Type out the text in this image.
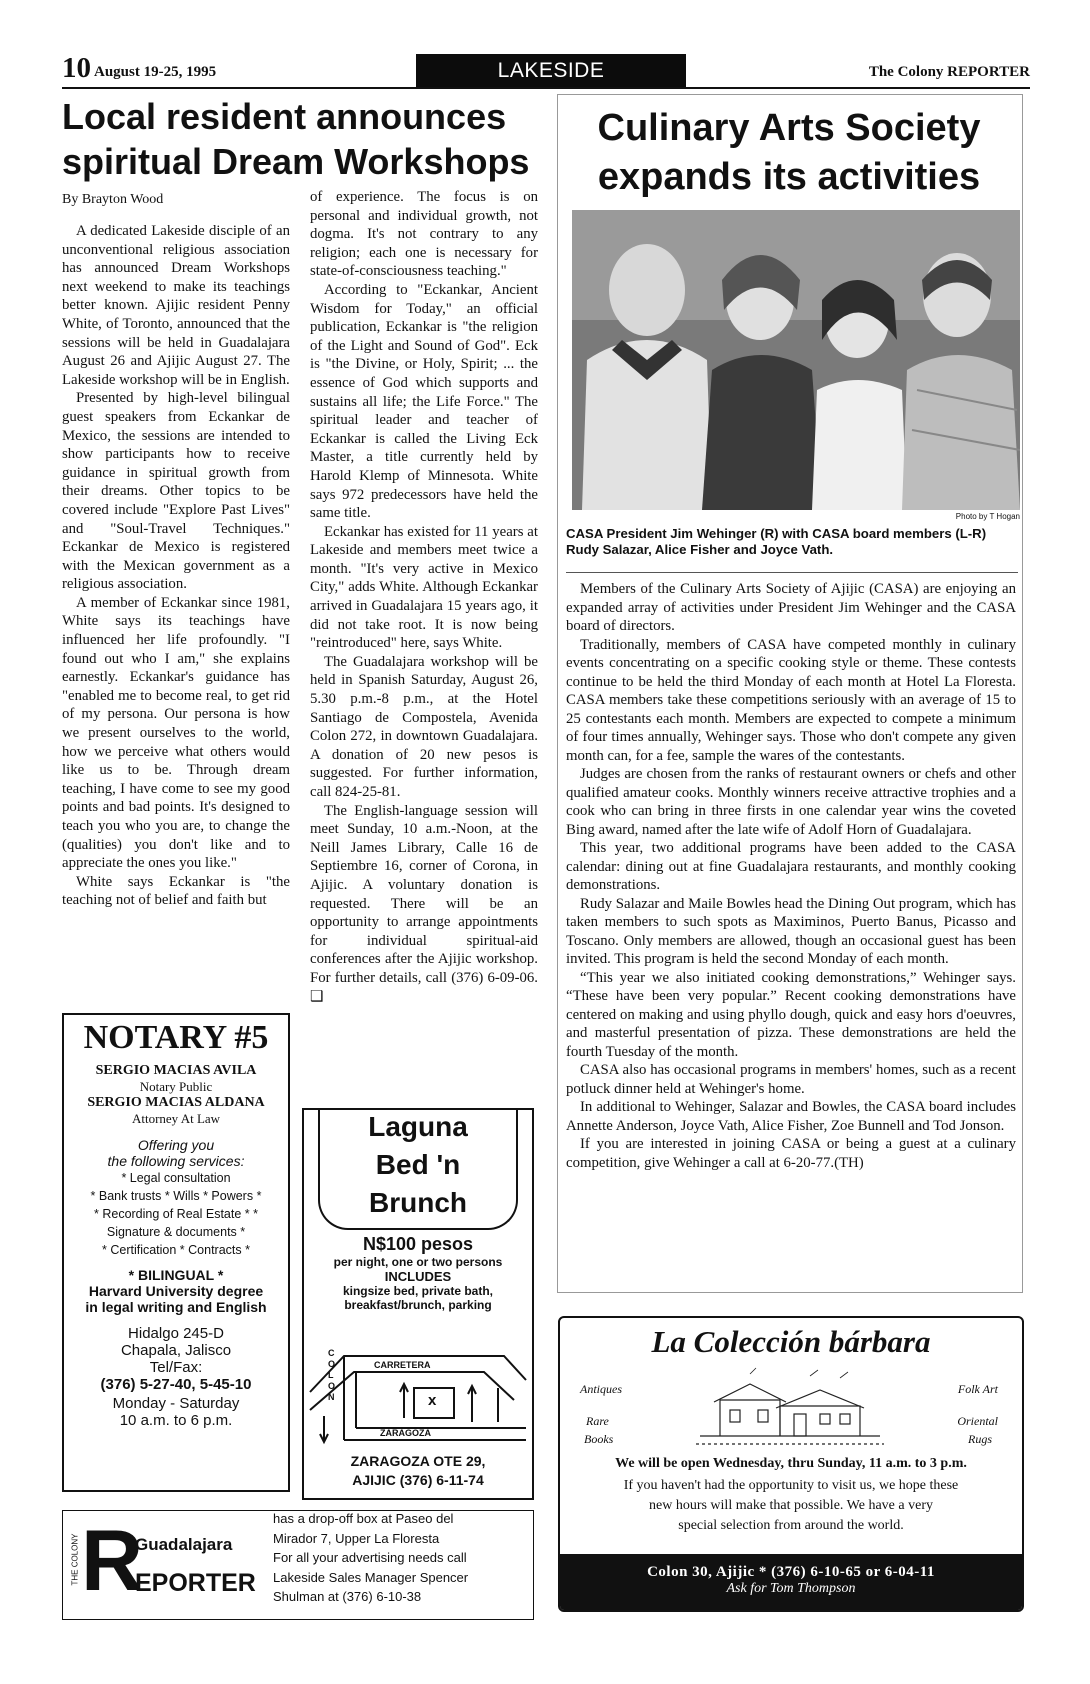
10 August 19-25, 1995	LAKESIDE	The Colony REPORTER
Local resident announces
spiritual Dream Workshops
By Brayton Wood

A dedicated Lakeside disciple of an unconventional religious association has announced Dream Workshops next weekend to make its teachings better known. Ajijic resident Penny White, of Toronto, announced that the sessions will be held in Guadalajara August 26 and Ajijic August 27. The Lakeside workshop will be in English.

Presented by high-level bilingual guest speakers from Eckankar de Mexico, the sessions are intended to show participants how to receive guidance in spiritual growth from their dreams. Other topics to be covered include "Explore Past Lives" and "Soul-Travel Techniques." Eckankar de Mexico is registered with the Mexican government as a religious association.

A member of Eckankar since 1981, White says its teachings have influenced her life profoundly. "I found out who I am," she explains earnestly. Eckankar's guidance has "enabled me to become real, to get rid of my persona. Our persona is how we present ourselves to the world, how we perceive what others would like us to be. Through dream teaching, I have come to see my good points and bad points. It's designed to teach you who you are, to change the (qualities) you don't like and to appreciate the ones you like."

White says Eckankar is "the teaching not of belief and faith but

of experience. The focus is on personal and individual growth, not dogma. It's not contrary to any religion; each one is necessary for state-of-consciousness teaching."

According to "Eckankar, Ancient Wisdom for Today," an official publication, Eckankar is "the religion of the Light and Sound of God". Eck is "the Divine, or Holy, Spirit; ... the essence of God which supports and sustains all life; the Life Force." The spiritual leader and teacher of Eckankar is called the Living Eck Master, a title currently held by Harold Klemp of Minnesota. White says 972 predecessors have held the same title.

Eckankar has existed for 11 years at Lakeside and members meet twice a month. "It's very active in Mexico City," adds White. Although Eckankar arrived in Guadalajara 15 years ago, it did not take root. It is now being "reintroduced" here, says White.

The Guadalajara workshop will be held in Spanish Saturday, August 26, 5.30 p.m.-8 p.m., at the Hotel Santiago de Compostela, Avenida Colon 272, in downtown Guadalajara. A donation of 20 new pesos is suggested. For further information, call 824-25-81.

The English-language session will meet Sunday, 10 a.m.-Noon, at the Neill James Library, Calle 16 de Septiembre 16, corner of Corona, in Ajijic. A voluntary donation is requested. There will be an opportunity to arrange appointments for individual spiritual-aid conferences after the Ajijic workshop. For further details, call (376) 6-09-06. ❑

Culinary Arts Society
expands its activities
Photo by T Hogan
CASA President Jim Wehinger (R) with CASA board members (L-R) Rudy Salazar, Alice Fisher and Joyce Vath.

Members of the Culinary Arts Society of Ajijic (CASA) are enjoying an expanded array of activities under President Jim Wehinger and the CASA board of directors.

Traditionally, members of CASA have competed monthly in culinary events concentrating on a specific cooking style or theme. These contests continue to be held the third Monday of each month at Hotel La Floresta. CASA members take these competitions seriously with an average of 15 to 25 contestants each month. Members are expected to compete a minimum of four times annually, Wehinger says. Those who don't compete any given month can, for a fee, sample the wares of the contestants.

Judges are chosen from the ranks of restaurant owners or chefs and other qualified amateur cooks. Monthly winners receive attractive trophies and a cook who can bring in three firsts in one calendar year wins the coveted Bing award, named after the late wife of Adolf Horn of Guadalajara.

This year, two additional programs have been added to the CASA calendar: dining out at fine Guadalajara restaurants, and monthly cooking demonstrations.

Rudy Salazar and Maile Bowles head the Dining Out program, which has taken members to such spots as Maximinos, Puerto Banus, Picasso and Toscano. Only members are allowed, though an occasional guest has been invited. This program is held the second Monday of each month.

“This year we also initiated cooking demonstrations,” Wehinger says. “These have been very popular.” Recent cooking demonstrations have centered on making and using phyllo dough, quick and easy hors d'oeuvres, and masterful presentation of pizza. These demonstrations are held the fourth Tuesday of the month.

CASA also has occasional programs in members' homes, such as a recent potluck dinner held at Wehinger's home.

In additional to Wehinger, Salazar and Bowles, the CASA board includes Annette Anderson, Joyce Vath, Alice Fisher, Zoe Bunnell and Tod Jonson.

If you are interested in joining CASA or being a guest at a culinary competition, give Wehinger a call at 6-20-77.(TH)

NOTARY #5
SERGIO MACIAS AVILA
Notary Public
SERGIO MACIAS ALDANA
Attorney At Law
Offering you
the following services:
* Legal consultation
* Bank trusts * Wills * Powers *
* Recording of Real Estate * *
Signature & documents *
* Certification * Contracts *
* BILINGUAL *
Harvard University degree
in legal writing and English
Hidalgo 245-D
Chapala, Jalisco
Tel/Fax:
(376) 5-27-40, 5-45-10
Monday - Saturday
10 a.m. to 6 p.m.
Laguna
Bed 'n
Brunch
N$100 pesos
per night, one or two persons
INCLUDES
kingsize bed, private bath,
breakfast/brunch, parking
CARRETERA
COLON
ZARAGOZA
x
ZARAGOZA OTE 29,
AJIJIC (376) 6-11-74
THE COLONY R
Guadalajara
EPORTER
has a drop-off box at Paseo del
Mirador 7, Upper La Floresta
For all your advertising needs call
Lakeside Sales Manager Spencer
Shulman at (376) 6-10-38
La Colección bárbara
Antiques	Folk Art
Rare
Books
Oriental
Rugs
We will be open Wednesday, thru Sunday, 11 a.m. to 3 p.m.
If you haven't had the opportunity to visit us, we hope these
new hours will make that possible. We have a very
special selection from around the world.
Colon 30, Ajijic * (376) 6-10-65 or 6-04-11
Ask for Tom Thompson
